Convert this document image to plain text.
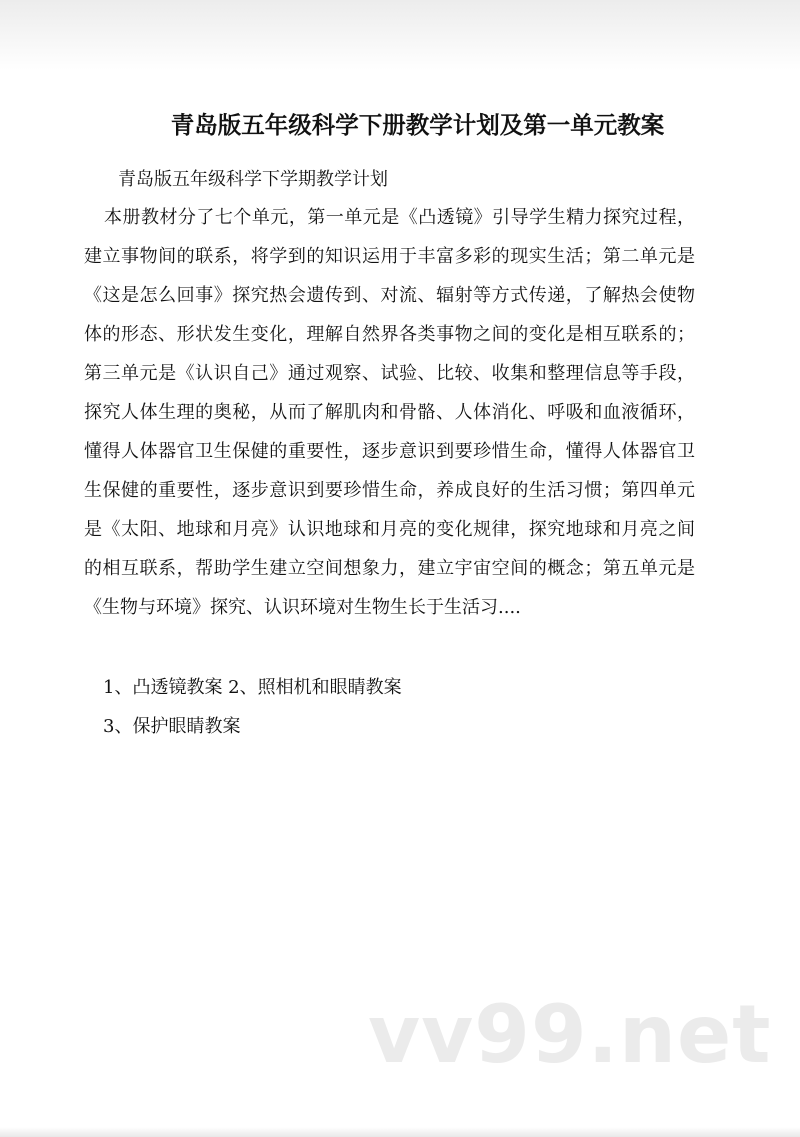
青岛版五年级科学下册教学计划及第一单元教案
青岛版五年级科学下学期教学计划
本册教材分了七个单元，第一单元是《凸透镜》引导学生精力探究过程，
建立事物间的联系，将学到的知识运用于丰富多彩的现实生活；第二单元是
《这是怎么回事》探究热会遗传到、对流、辐射等方式传递，了解热会使物
体的形态、形状发生变化，理解自然界各类事物之间的变化是相互联系的；
第三单元是《认识自己》通过观察、试验、比较、收集和整理信息等手段，
探究人体生理的奥秘，从而了解肌肉和骨骼、人体消化、呼吸和血液循环，
懂得人体器官卫生保健的重要性，逐步意识到要珍惜生命，懂得人体器官卫
生保健的重要性，逐步意识到要珍惜生命，养成良好的生活习惯；第四单元
是《太阳、地球和月亮》认识地球和月亮的变化规律，探究地球和月亮之间
的相互联系，帮助学生建立空间想象力，建立宇宙空间的概念；第五单元是
《生物与环境》探究、认识环境对生物生长于生活习....
1、凸透镜教案 2、照相机和眼睛教案
3、保护眼睛教案
vv99.net
